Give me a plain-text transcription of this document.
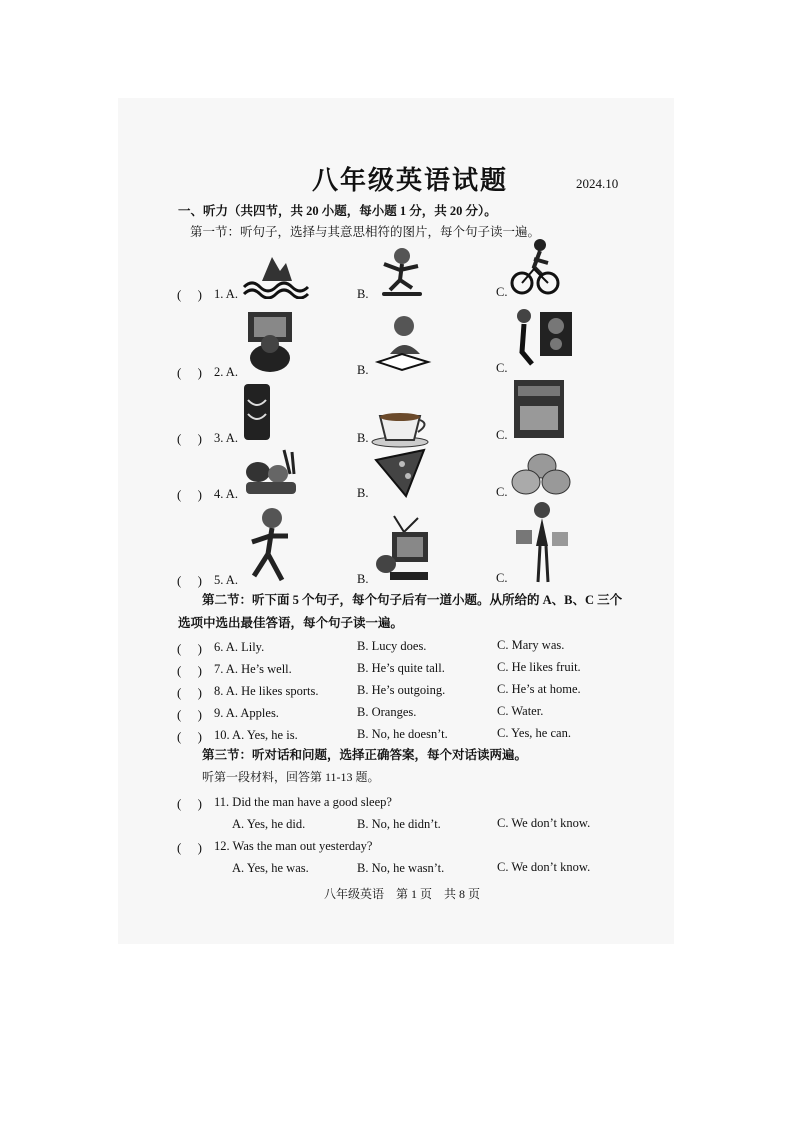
八年级英语试题	2024.10
一、听力（共四节，共 20 小题，每小题 1 分，共 20 分）。
第一节：听句子，选择与其意思相符的图片，每个句子读一遍。
(     ) 1. A.	B.	C.
(     ) 2. A.	B.	C.
(     ) 3. A.	B.	C.
(     ) 4. A.	B.	C.
(     ) 5. A.	B.	C.
第二节：听下面 5 个句子，每个句子后有一道小题。从所给的 A、B、C 三个
选项中选出最佳答语，每个句子读一遍。
(     ) 6. A. Lily.	B. Lucy does.	C. Mary was.
(     ) 7. A. He’s well.	B. He’s quite tall.	C. He likes fruit.
(     ) 8. A. He likes sports.	B. He’s outgoing.	C. He’s at home.
(     ) 9. A. Apples.	B. Oranges.	C. Water.
(     ) 10. A. Yes, he is.	B. No, he doesn’t.	C. Yes, he can.
第三节：听对话和问题，选择正确答案，每个对话读两遍。
听第一段材料，回答第 11-13 题。
(     ) 11. Did the man have a good sleep?
A. Yes, he did.	B. No, he didn’t.	C. We don’t know.
(     ) 12. Was the man out yesterday?
A. Yes, he was.	B. No, he wasn’t.	C. We don’t know.
八年级英语　第 1 页　共 8 页
